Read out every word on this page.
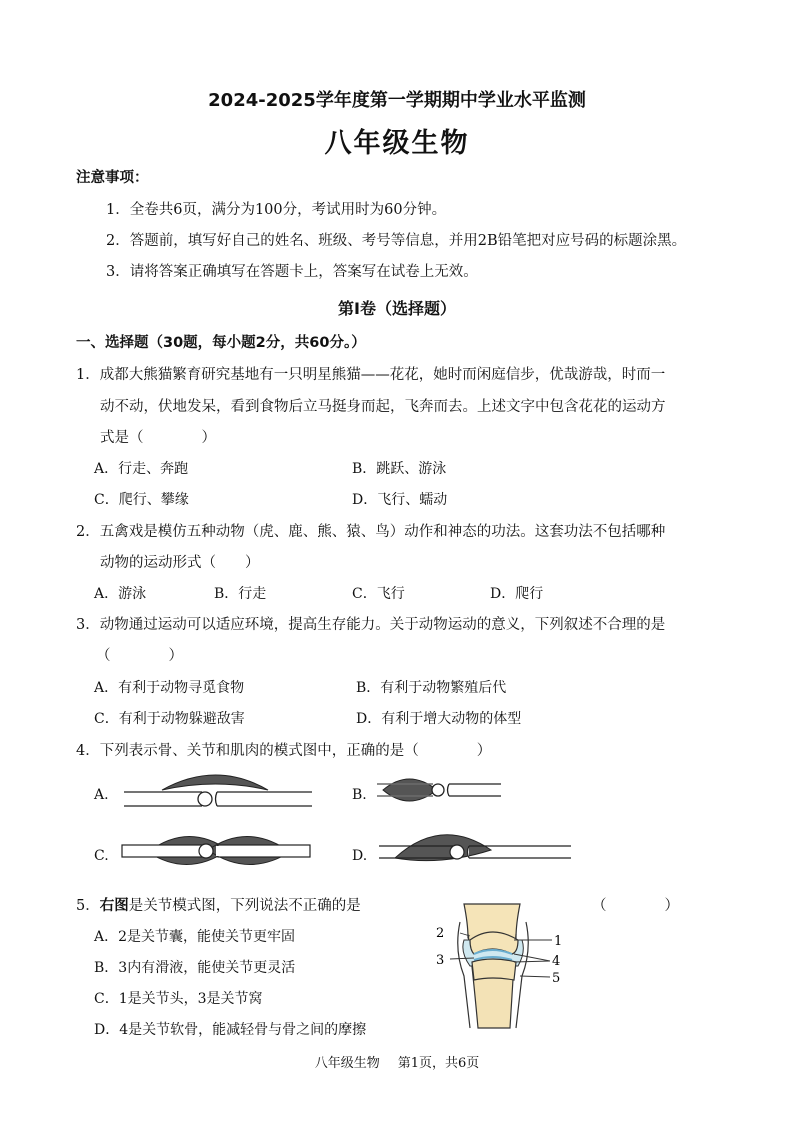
2024-2025学年度第一学期期中学业水平监测
八年级生物
注意事项：
1．全卷共6页，满分为100分，考试用时为60分钟。
2．答题前，填写好自己的姓名、班级、考号等信息，并用2B铅笔把对应号码的标题涂黑。
3．请将答案正确填写在答题卡上，答案写在试卷上无效。
第Ⅰ卷（选择题）
一、选择题（30题，每小题2分，共60分。）
1．成都大熊猫繁育研究基地有一只明星熊猫——花花，她时而闲庭信步，优哉游哉，时而一
动不动，伏地发呆，看到食物后立马挺身而起，飞奔而去。上述文字中包含花花的运动方
式是（　　　　）
A．行走、奔跑	B．跳跃、游泳
C．爬行、攀缘	D．飞行、蠕动
2．五禽戏是模仿五种动物（虎、鹿、熊、猿、鸟）动作和神态的功法。这套功法不包括哪种
动物的运动形式（　　）
A．游泳	B．行走	C．飞行	D．爬行
3．动物通过运动可以适应环境，提高生存能力。关于动物运动的意义，下列叙述不合理的是
（　　　　）
A．有利于动物寻觅食物	B．有利于动物繁殖后代
C．有利于动物躲避敌害	D．有利于增大动物的体型
4．下列表示骨、关节和肌肉的模式图中，正确的是（　　　　）
A.	B.
C.	D.
5．右图是关节模式图，下列说法不正确的是	（　　　　）
A．2是关节囊，能使关节更牢固
B．3内有滑液，能使关节更灵活
C．1是关节头，3是关节窝
D．4是关节软骨，能减轻骨与骨之间的摩擦
2
3
1
4
5
八年级生物 第1页，共6页
